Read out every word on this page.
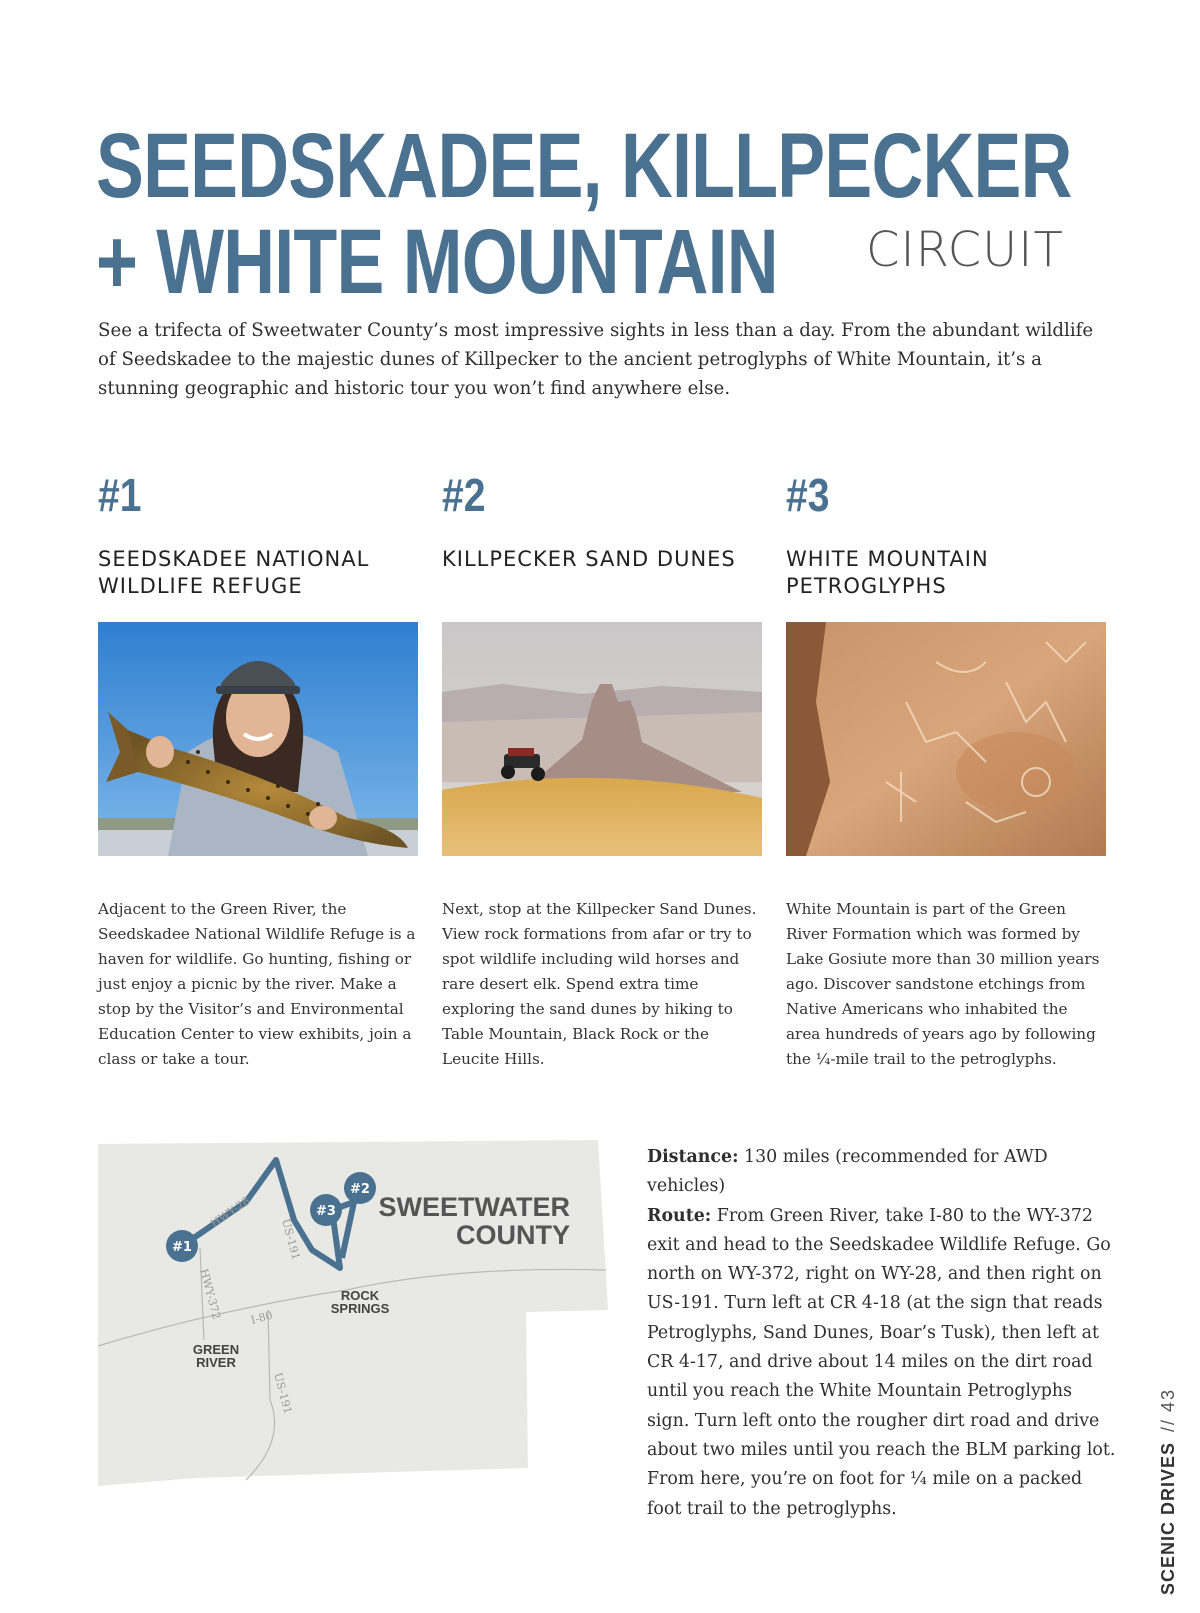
SEEDSKADEE, KILLPECKER
+ WHITE MOUNTAIN	CIRCUIT

See a trifecta of Sweetwater County’s most impressive sights in less than a day. From the abundant wildlife of Seedskadee to the majestic dunes of Killpecker to the ancient petroglyphs of White Mountain, it’s a stunning geographic and historic tour you won’t find anywhere else.

#1
SEEDSKADEE NATIONAL WILDLIFE REFUGE

Adjacent to the Green River, the Seedskadee National Wildlife Refuge is a haven for wildlife. Go hunting, fishing or just enjoy a picnic by the river. Make a stop by the Visitor’s and Environmental Education Center to view exhibits, join a class or take a tour.

#2
KILLPECKER SAND DUNES

Next, stop at the Killpecker Sand Dunes. View rock formations from afar or try to spot wildlife including wild horses and rare desert elk. Spend extra time exploring the sand dunes by hiking to Table Mountain, Black Rock or the Leucite Hills.

#3
WHITE MOUNTAIN PETROGLYPHS

White Mountain is part of the Green River Formation which was formed by Lake Gosiute more than 30 million years ago. Discover sandstone etchings from Native Americans who inhabited the area hundreds of years ago by following the ¼-mile trail to the petroglyphs.

HWY-28
US-191
HWY-372 I-80
US-191
#1
#3
#2
SWEETWATER
COUNTY
ROCK
SPRINGS
GREEN
RIVER

Distance: 130 miles (recommended for AWD vehicles)
Route: From Green River, take I-80 to the WY-372 exit and head to the Seedskadee Wildlife Refuge. Go north on WY-372, right on WY-28, and then right on US-191. Turn left at CR 4-18 (at the sign that reads Petroglyphs, Sand Dunes, Boar’s Tusk), then left at CR 4-17, and drive about 14 miles on the dirt road until you reach the White Mountain Petroglyphs sign. Turn left onto the rougher dirt road and drive about two miles until you reach the BLM parking lot. From here, you’re on foot for ¼ mile on a packed foot trail to the petroglyphs.	SCENIC DRIVES//43
